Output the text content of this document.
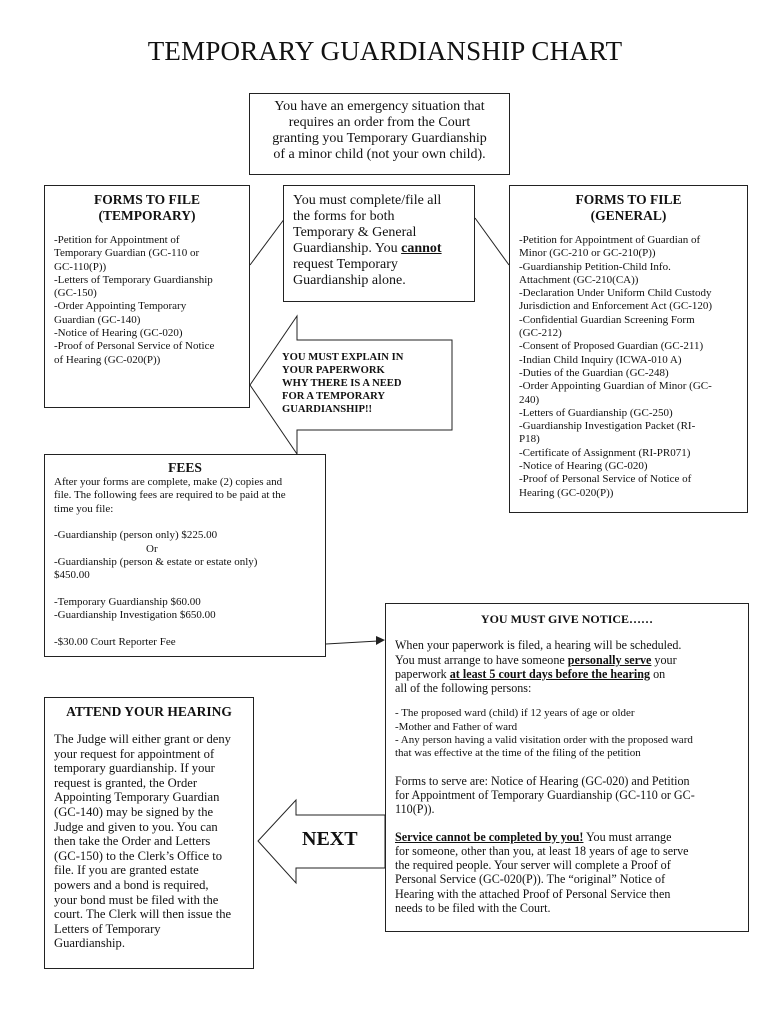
TEMPORARY GUARDIANSHIP CHART
You have an emergency situation that
requires an order from the Court
granting you Temporary Guardianship
of a minor child (not your own child).
FORMS TO FILE
(TEMPORARY)
-Petition for Appointment of
Temporary Guardian (GC-110 or
GC-110(P))
-Letters of Temporary Guardianship
(GC-150)
-Order Appointing Temporary
Guardian (GC-140)
-Notice of Hearing (GC-020)
-Proof of Personal Service of Notice
of Hearing (GC-020(P))
You must complete/file all
the forms for both
Temporary & General
Guardianship. You cannot
request Temporary
Guardianship alone.
YOU MUST EXPLAIN IN
YOUR PAPERWORK
WHY THERE IS A NEED
FOR A TEMPORARY
GUARDIANSHIP!!
FORMS TO FILE
(GENERAL)
-Petition for Appointment of Guardian of
Minor (GC-210 or GC-210(P))
-Guardianship Petition-Child Info.
Attachment (GC-210(CA))
-Declaration Under Uniform Child Custody
Jurisdiction and Enforcement Act (GC-120)
-Confidential Guardian Screening Form
(GC-212)
-Consent of Proposed Guardian (GC-211)
-Indian Child Inquiry (ICWA-010 A)
-Duties of the Guardian (GC-248)
-Order Appointing Guardian of Minor (GC-
240)
-Letters of Guardianship (GC-250)
-Guardianship Investigation Packet (RI-
P18)
-Certificate of Assignment (RI-PR071)
-Notice of Hearing (GC-020)
-Proof of Personal Service of Notice of
Hearing (GC-020(P))
FEES
After your forms are complete, make (2) copies and
file. The following fees are required to be paid at the
time you file:
-Guardianship (person only) $225.00
Or
-Guardianship (person & estate or estate only)
$450.00
-Temporary Guardianship $60.00
-Guardianship Investigation $650.00
-$30.00 Court Reporter Fee
YOU MUST GIVE NOTICE……
When your paperwork is filed, a hearing will be scheduled.
You must arrange to have someone personally serve your
paperwork at least 5 court days before the hearing on
all of the following persons:
- The proposed ward (child) if 12 years of age or older
-Mother and Father of ward
- Any person having a valid visitation order with the proposed ward
that was effective at the time of the filing of the petition
Forms to serve are: Notice of Hearing (GC-020) and Petition
for Appointment of Temporary Guardianship (GC-110 or GC-
110(P)).
Service cannot be completed by you! You must arrange
for someone, other than you, at least 18 years of age to serve
the required people. Your server will complete a Proof of
Personal Service (GC-020(P)). The “original” Notice of
Hearing with the attached Proof of Personal Service then
needs to be filed with the Court.
ATTEND YOUR HEARING
The Judge will either grant or deny
your request for appointment of
temporary guardianship. If your
request is granted, the Order
Appointing Temporary Guardian
(GC-140) may be signed by the
Judge and given to you. You can
then take the Order and Letters
(GC-150) to the Clerk’s Office to
file. If you are granted estate
powers and a bond is required,
your bond must be filed with the
court. The Clerk will then issue the
Letters of Temporary
Guardianship.
NEXT
